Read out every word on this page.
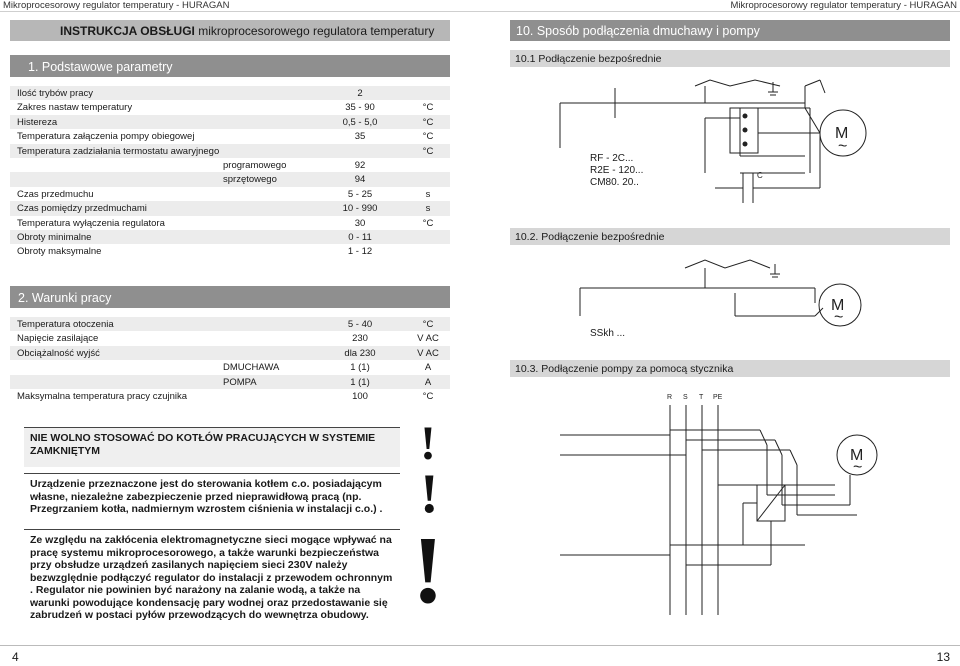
Mikroprocesorowy regulator temperatury - HURAGAN	Mikroprocesorowy regulator temperatury - HURAGAN
INSTRUKCJA OBSŁUGI mikroprocesorowego regulatora temperatury
1. Podstawowe parametry
Ilość trybów pracy	2
Zakres nastaw temperatury	35 - 90	°C
Histereza	0,5 - 5,0	°C
Temperatura załączenia pompy obiegowej	35	°C
Temperatura zadziałania termostatu awaryjnego	°C
programowego	92
sprzętowego	94
Czas przedmuchu	5 - 25	s
Czas pomiędzy przedmuchami	10 - 990	s
Temperatura wyłączenia regulatora	30	°C
Obroty minimalne	0 - 11
Obroty maksymalne	1 - 12
2. Warunki pracy
Temperatura otoczenia	5 - 40	°C
Napięcie zasilające	230	V AC
Obciążalność wyjść	dla 230	V AC
DMUCHAWA	1 (1)	A
POMPA	1 (1)	A
Maksymalna temperatura pracy czujnika	100	°C
NIE WOLNO STOSOWAĆ DO KOTŁÓW PRACUJĄCYCH W SYSTEMIE ZAMKNIĘTYM
Urządzenie przeznaczone jest do sterowania kotłem c.o. posiadającym własne, niezależne zabezpieczenie przed nieprawidłową pracą (np. Przegrzaniem kotła, nadmiernym wzrostem ciśnienia w instalacji c.o.) .
Ze względu na zakłócenia elektromagnetyczne sieci mogące wpływać na pracę systemu mikroprocesorowego, a także warunki bezpieczeństwa przy obsłudze urządzeń zasilanych napięciem sieci 230V należy bezwzględnie podłączyć regulator do instalacji z przewodem ochronnym . Regulator nie powinien być narażony na zalanie wodą, a także na warunki powodujące kondensację pary wodnej oraz przedostawanie się zabrudzeń w postaci pyłów przewodzących do wewnętrza obudowy.
!
!
!
4	13
10. Sposób podłączenia dmuchawy i pompy
10.1 Podłączenie bezpośrednie
M
~
C
RF - 2C...
R2E - 120...
CM80. 20..
10.2. Podłączenie bezpośrednie
M
~
SSkh ...
10.3. Podłączenie pompy za pomocą stycznika
R S T PE
M
~
